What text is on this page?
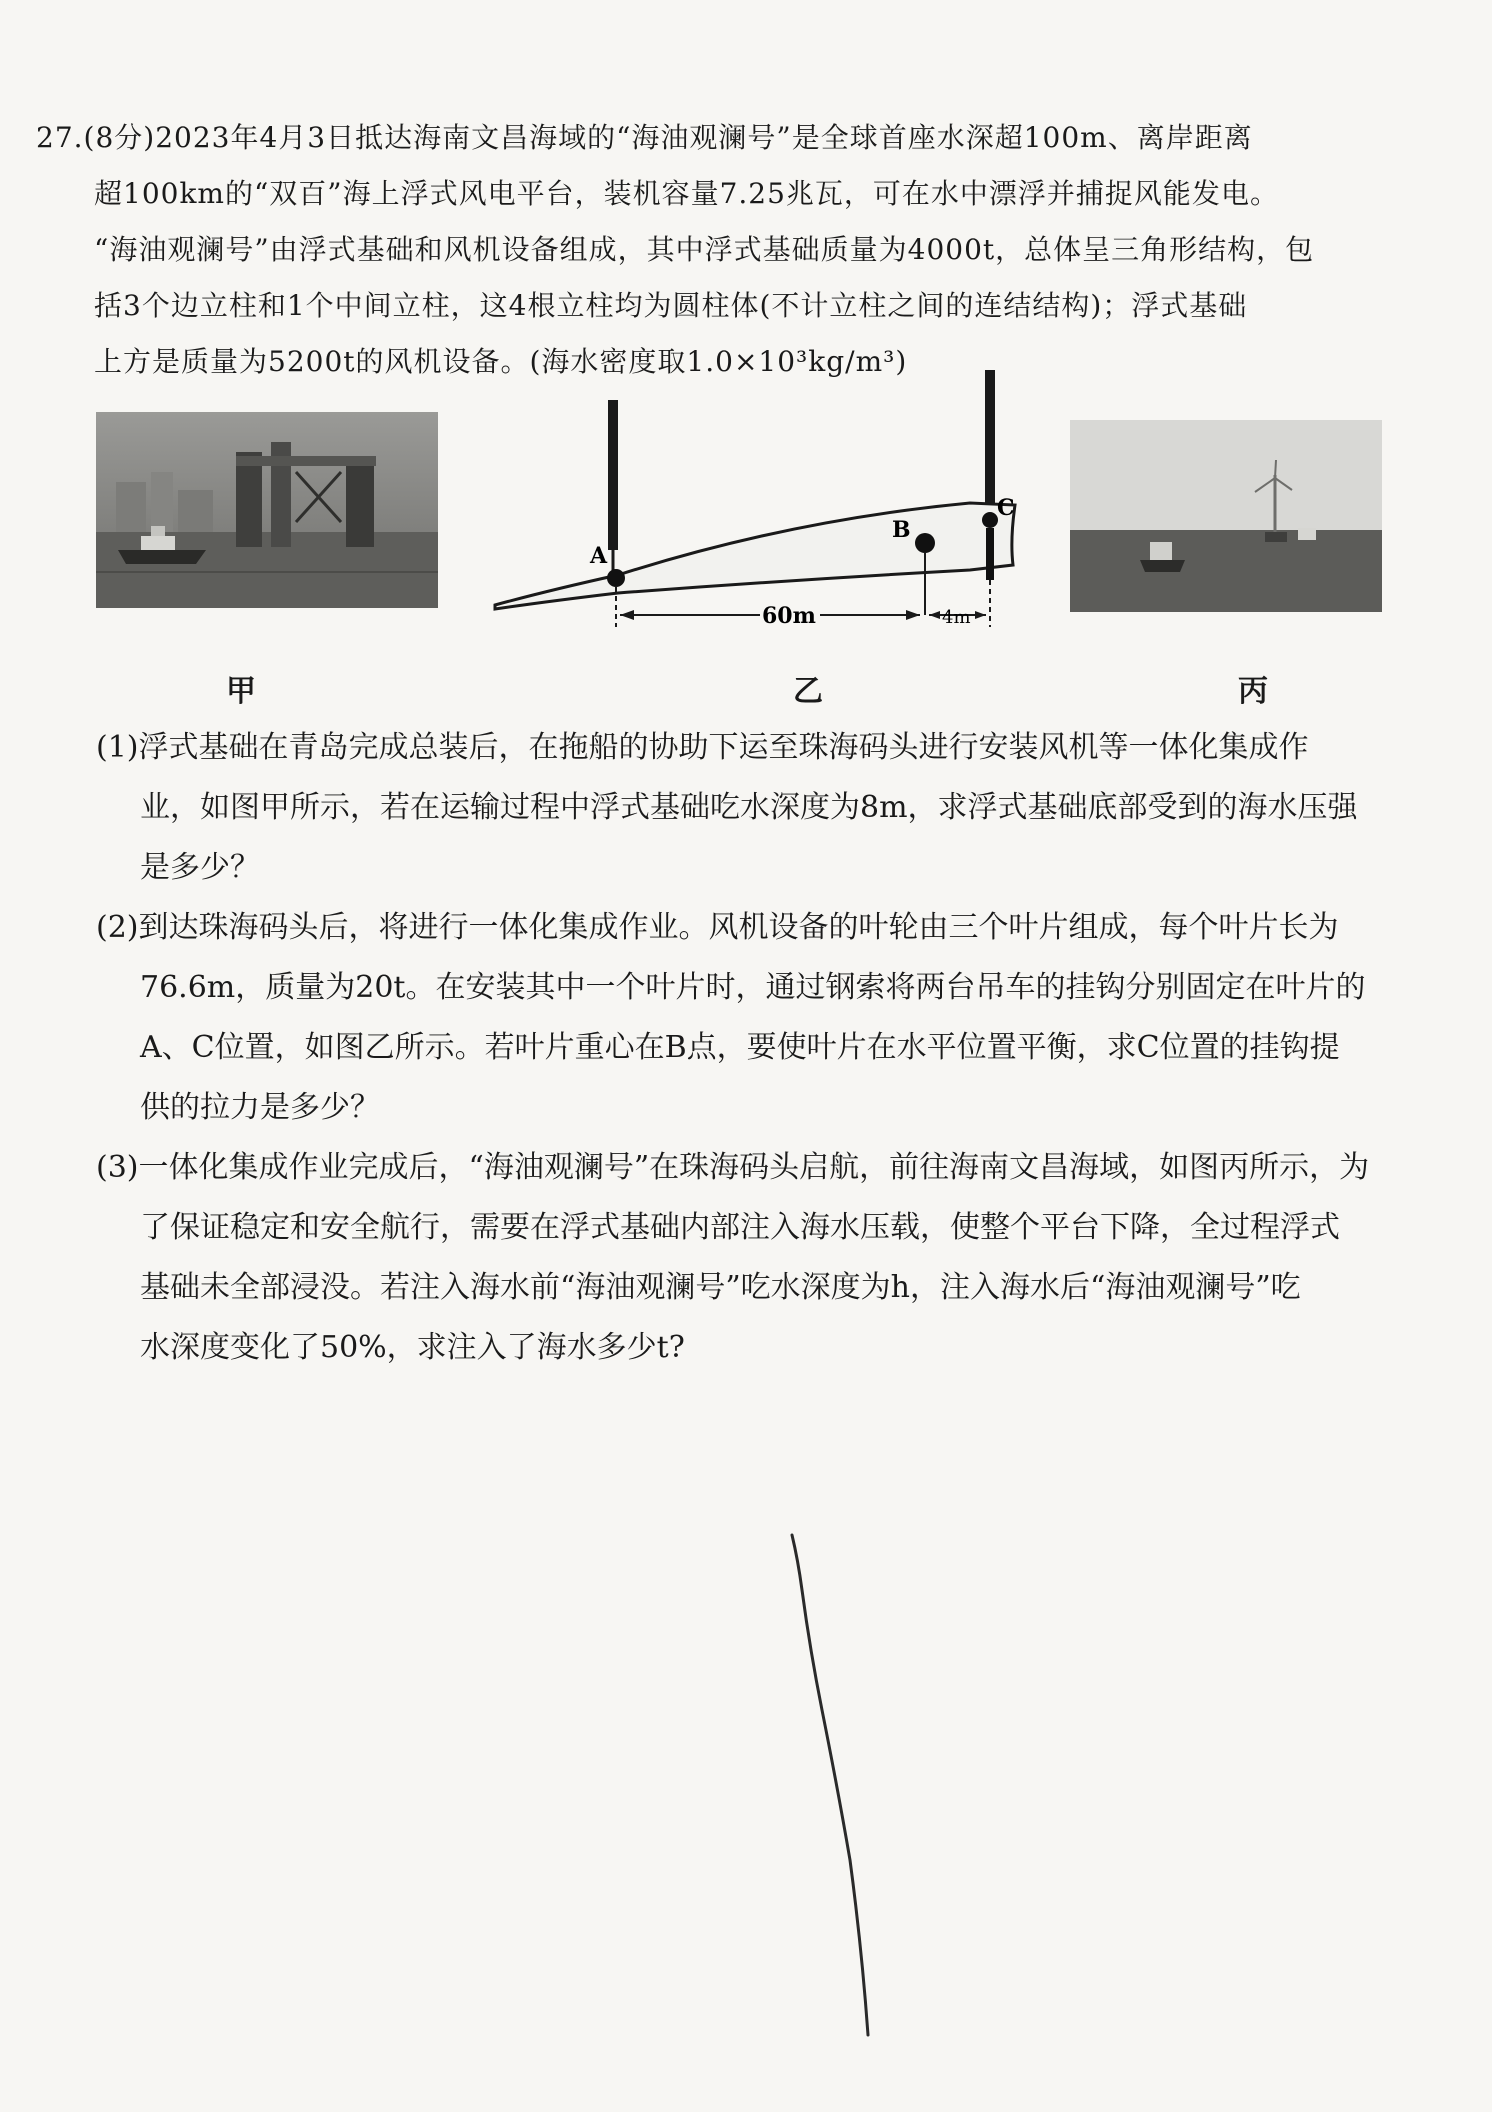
27.(8分)2023年4月3日抵达海南文昌海域的“海油观澜号”是全球首座水深超100m、离岸距离

超100km的“双百”海上浮式风电平台，装机容量7.25兆瓦，可在水中漂浮并捕捉风能发电。

“海油观澜号”由浮式基础和风机设备组成，其中浮式基础质量为4000t，总体呈三角形结构，包

括3个边立柱和1个中间立柱，这4根立柱均为圆柱体(不计立柱之间的连结结构)；浮式基础

上方是质量为5200t的风机设备。(海水密度取1.0×10³kg/m³)

A
B
C
60m	4m
甲	乙	丙

(1)浮式基础在青岛完成总装后，在拖船的协助下运至珠海码头进行安装风机等一体化集成作

业，如图甲所示，若在运输过程中浮式基础吃水深度为8m，求浮式基础底部受到的海水压强

是多少？

(2)到达珠海码头后，将进行一体化集成作业。风机设备的叶轮由三个叶片组成，每个叶片长为

76.6m，质量为20t。在安装其中一个叶片时，通过钢索将两台吊车的挂钩分别固定在叶片的

A、C位置，如图乙所示。若叶片重心在B点，要使叶片在水平位置平衡，求C位置的挂钩提

供的拉力是多少？

(3)一体化集成作业完成后，“海油观澜号”在珠海码头启航，前往海南文昌海域，如图丙所示，为

了保证稳定和安全航行，需要在浮式基础内部注入海水压载，使整个平台下降，全过程浮式

基础未全部浸没。若注入海水前“海油观澜号”吃水深度为h，注入海水后“海油观澜号”吃

水深度变化了50%，求注入了海水多少t?
